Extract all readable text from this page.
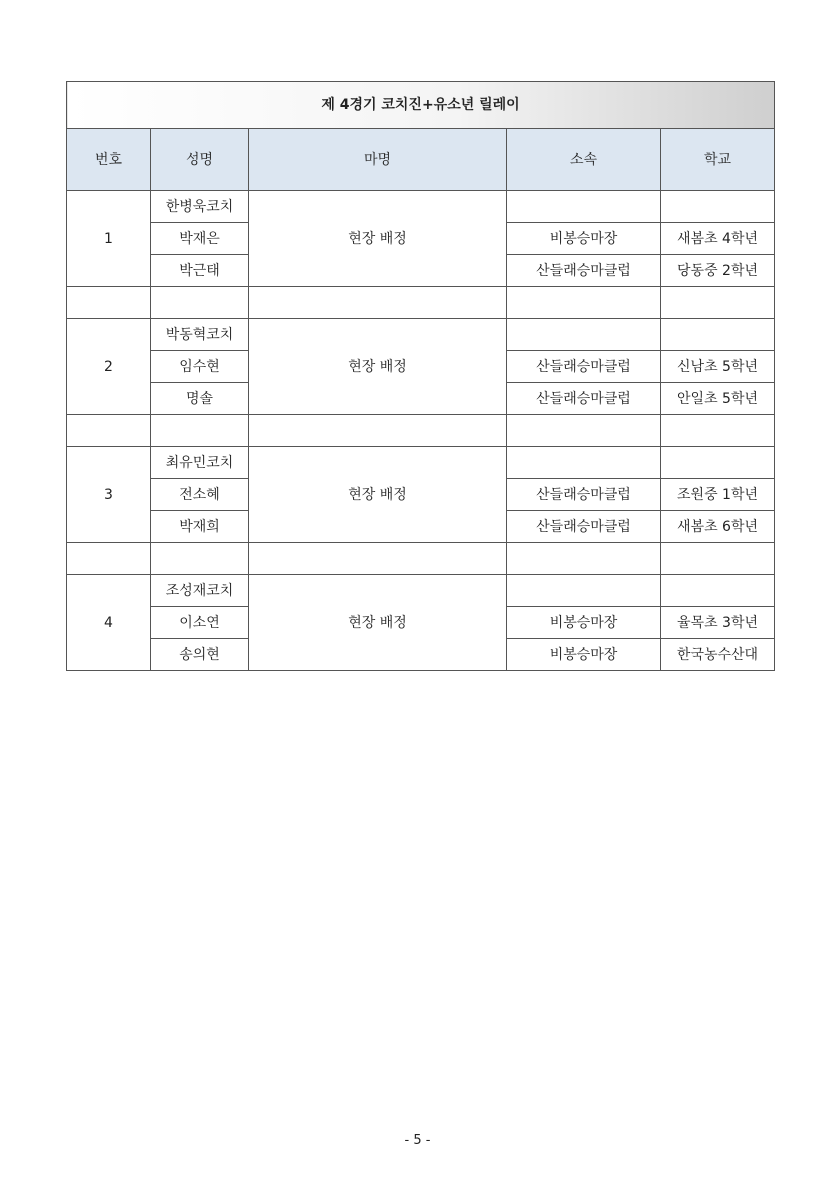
제 4경기 코치진+유소년 릴레이				
번호	성명	마명	소속	학교
1	한병욱코치	현장 배정		
	박재은		비봉승마장	새봄초 4학년
	박근태		산들래승마클럽	당동중 2학년

2	박동혁코치	현장 배정		
	임수현		산들래승마클럽	신남초 5학년
	명솔		산들래승마클럽	안일초 5학년

3	최유민코치	현장 배정		
	전소혜		산들래승마클럽	조원중 1학년
	박재희		산들래승마클럽	새봄초 6학년

4	조성재코치	현장 배정		
	이소연		비봉승마장	율목초 3학년
	송의현		비봉승마장	한국농수산대
- 5 -
